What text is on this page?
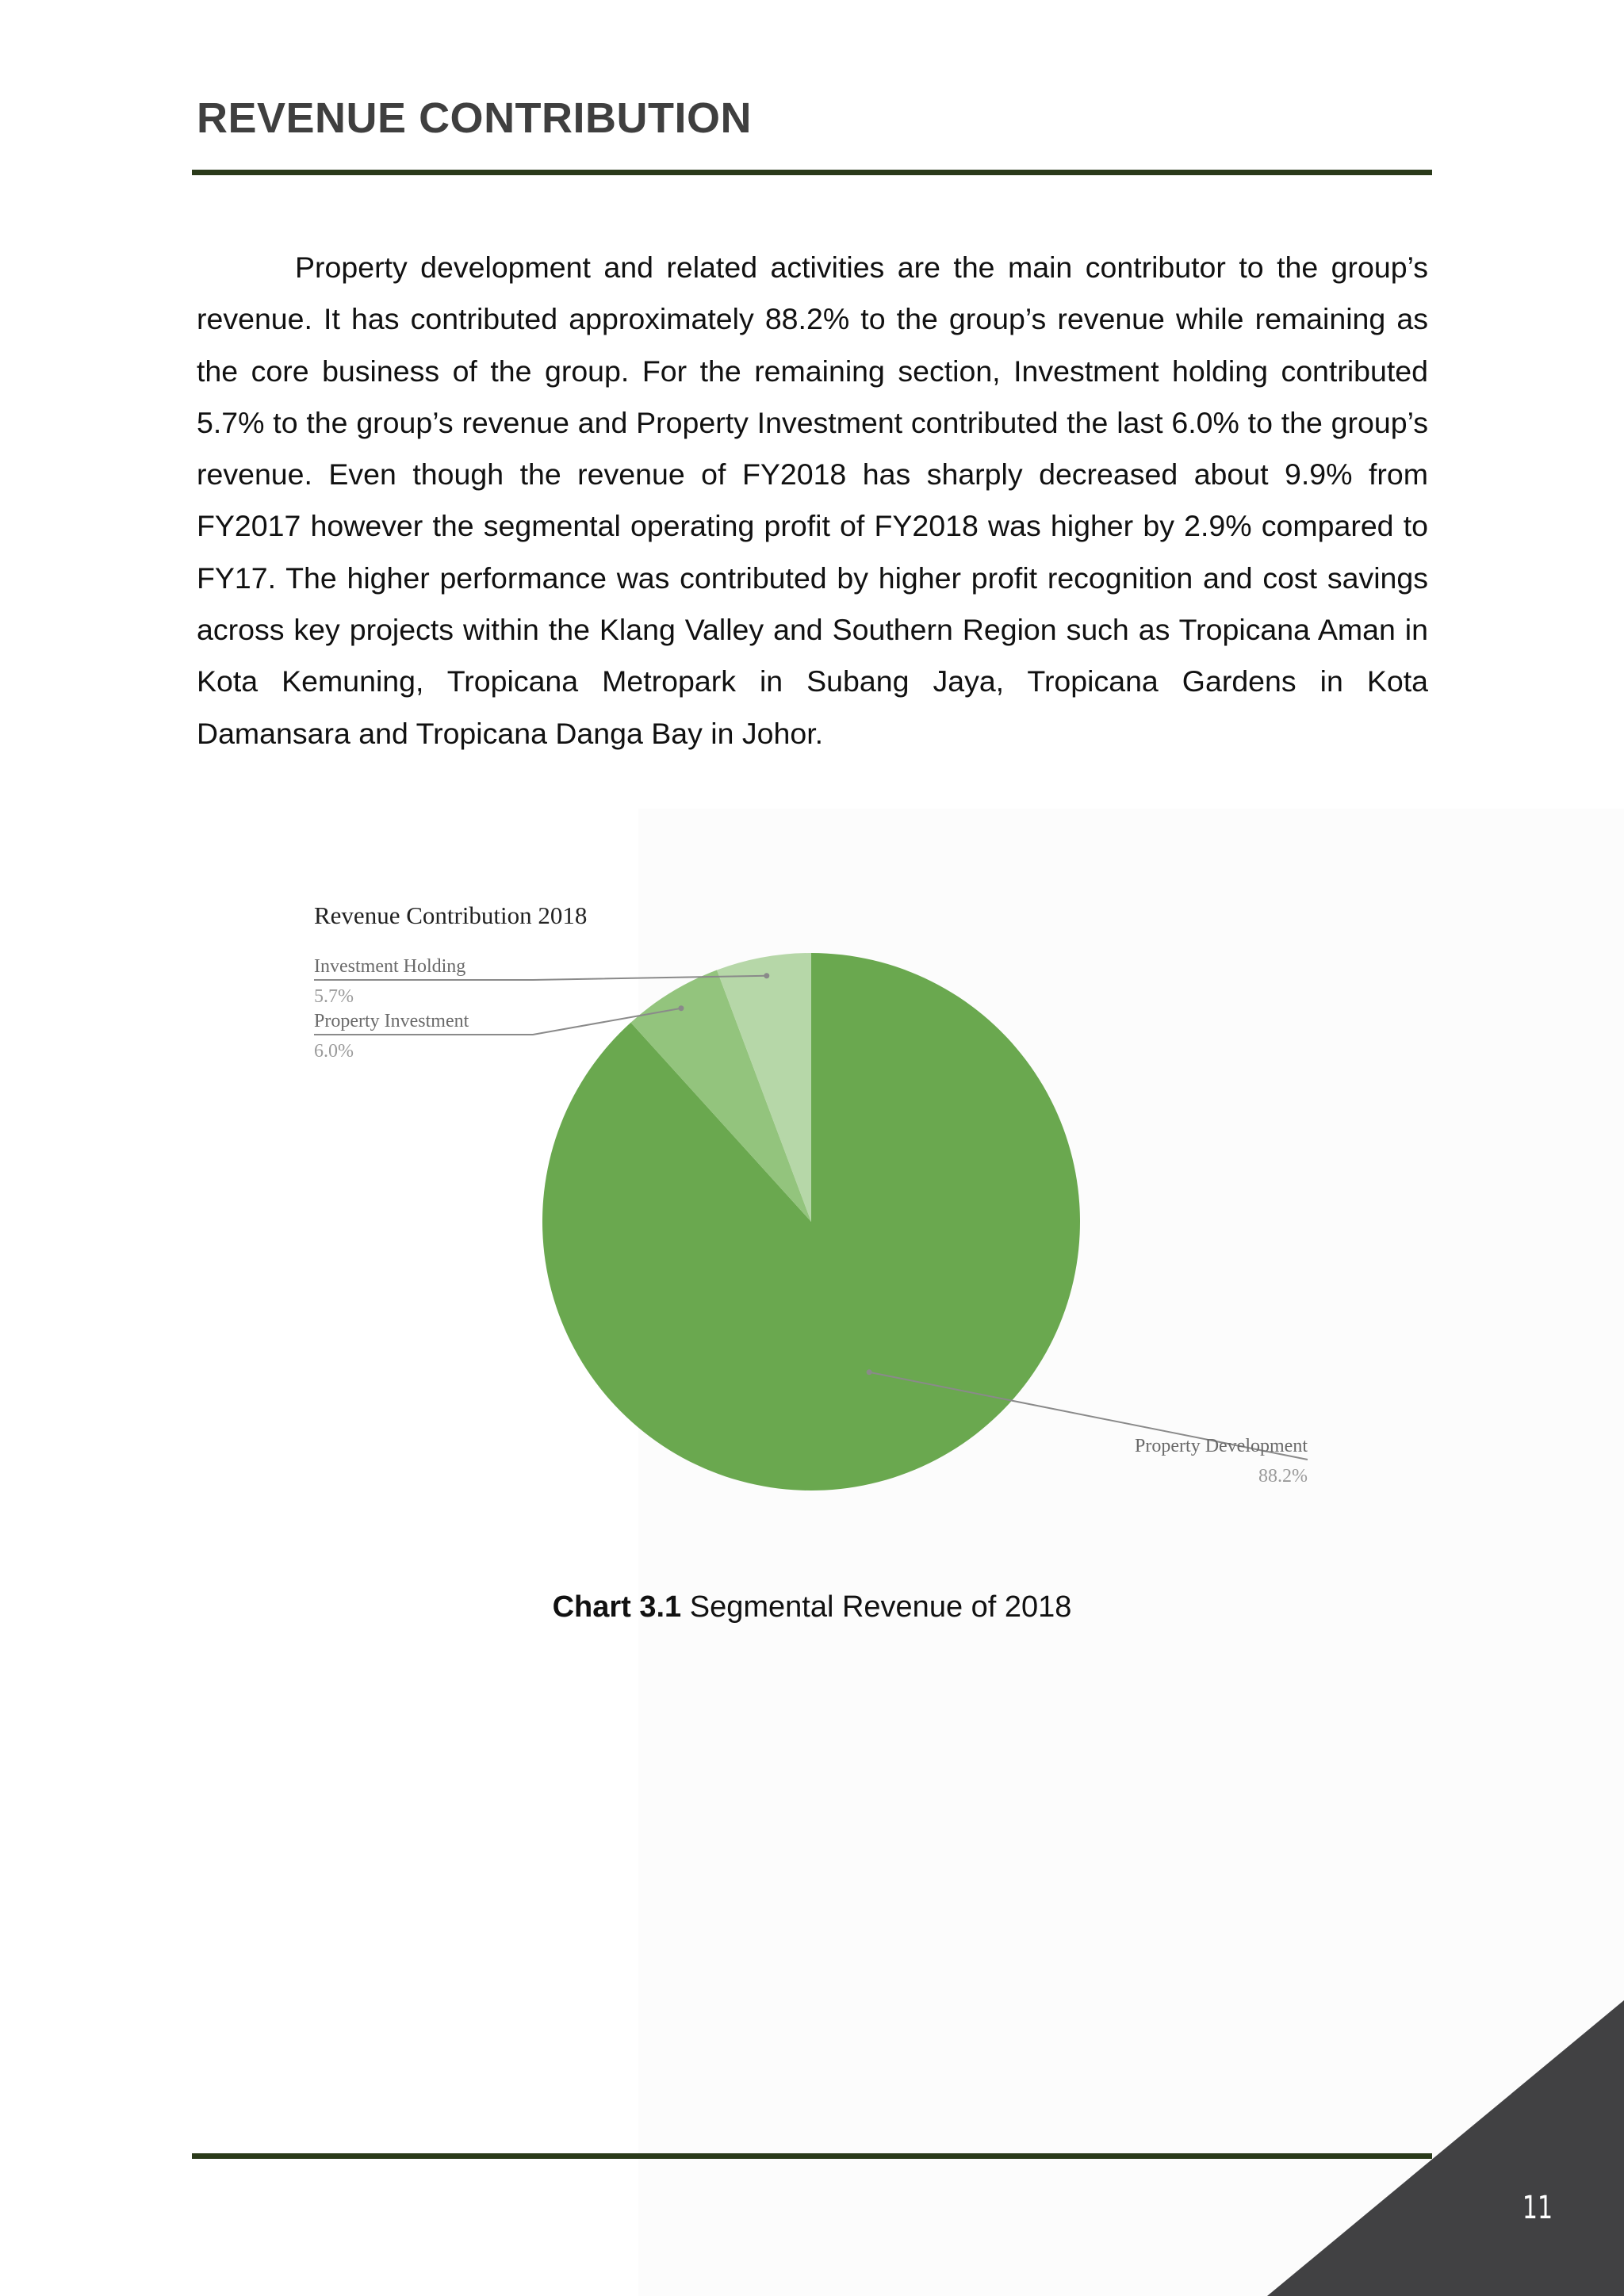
REVENUE CONTRIBUTION

Property development and related activities are the main contributor to the group’s revenue. It has contributed approximately 88.2% to the group’s revenue while remaining as the core business of the group. For the remaining section, Investment holding contributed 5.7% to the group’s revenue and Property Investment contributed the last 6.0% to the group’s revenue. Even though the revenue of FY2018 has sharply decreased about 9.9% from FY2017 however the segmental operating profit of FY2018 was higher by 2.9% compared to FY17. The higher performance was contributed by higher profit recognition and cost savings across key projects within the Klang Valley and Southern Region such as Tropicana Aman in Kota Kemuning, Tropicana Metropark in Subang Jaya, Tropicana Gardens in Kota Damansara and Tropicana Danga Bay in Johor.

Revenue Contribution 2018
Property Development
88.2%
Property Investment
6.0%
Investment Holding
5.7%
Chart 3.1 Segmental Revenue of 2018
11
